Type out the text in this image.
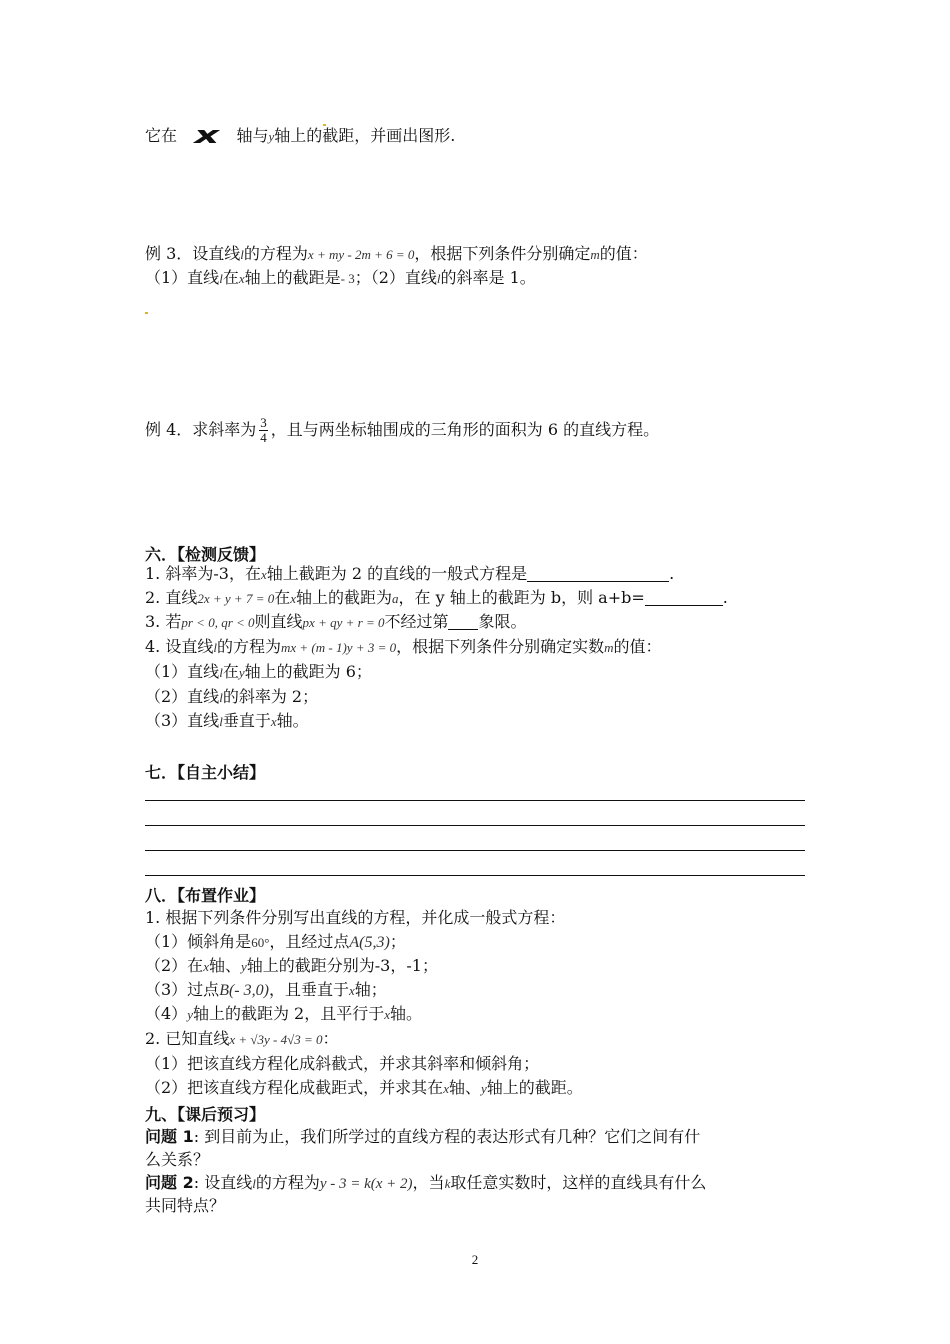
它在 x 轴与y轴上的截距，并画出图形.
例 3．设直线l的方程为x + my - 2m + 6 = 0，根据下列条件分别确定m的值：
（1）直线l在x轴上的截距是- 3；（2）直线l的斜率是 1。
例 4．求斜率为 $\frac{3}{4}$ ，且与两坐标轴围成的三角形的面积为 6 的直线方程。
六．【检测反馈】
1. 斜率为-3，在x轴上截距为 2 的直线的一般式方程是	.
2. 直线2x + y + 7 = 0在x轴上的截距为a，在 y 轴上的截距为 b，则 a+b=	.
3. 若pr < 0, qr < 0则直线px + qy + r = 0不经过第 象限。
4. 设直线l的方程为mx + (m - 1)y + 3 = 0，根据下列条件分别确定实数m的值：
（1）直线l在y轴上的截距为 6；
（2）直线l的斜率为 2；
（3）直线l垂直于x轴。
七．【自主小结】
八．【布置作业】
1. 根据下列条件分别写出直线的方程，并化成一般式方程：
（1）倾斜角是60°，且经过点A(5,3)；
（2）在x轴、y轴上的截距分别为-3，-1；
（3）过点B(- 3,0)，且垂直于x轴；
（4）y轴上的截距为 2，且平行于x轴。
2. 已知直线x + √3y - 4√3 = 0：
（1）把该直线方程化成斜截式，并求其斜率和倾斜角；
（2）把该直线方程化成截距式，并求其在x轴、y轴上的截距。
九、【课后预习】
问题 1: 到目前为止，我们所学过的直线方程的表达形式有几种？它们之间有什
么关系？
问题 2: 设直线l的方程为y - 3 = k(x + 2)，当k取任意实数时，这样的直线具有什么
共同特点？
2
